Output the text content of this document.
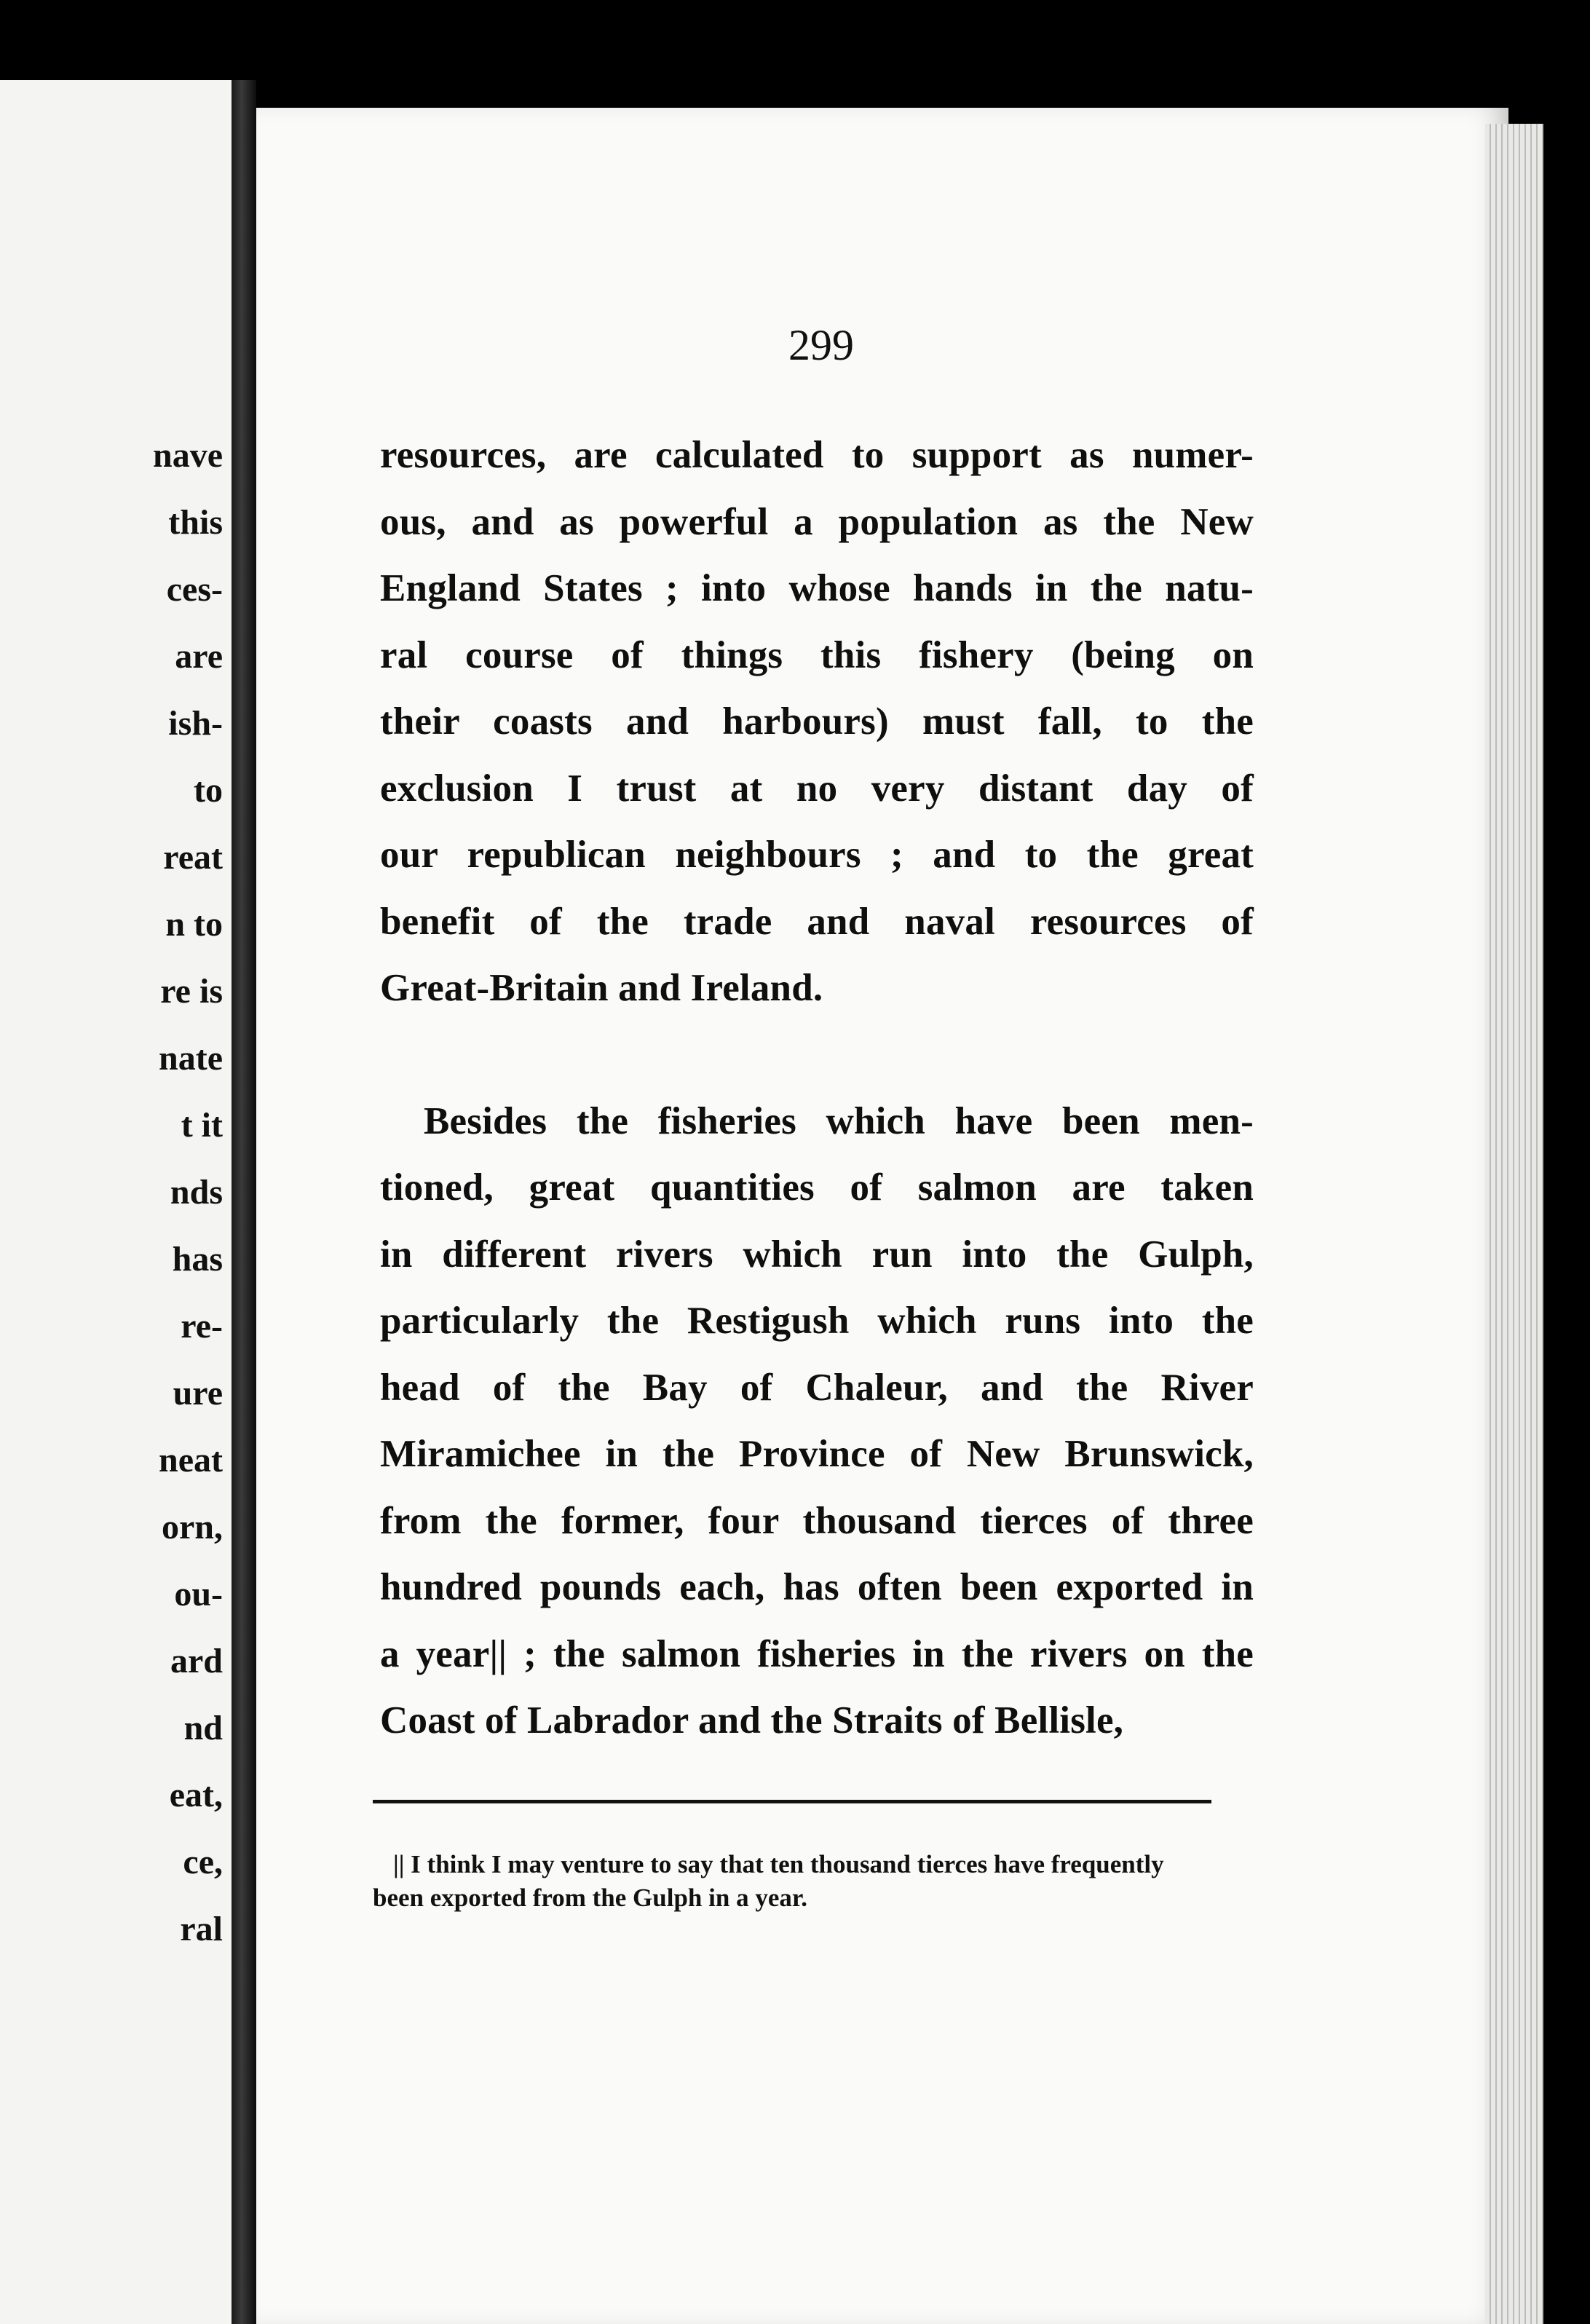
nave
this
ces-
are
ish-
to
reat
n to
re is
nate
t it
nds
has
re-
ure
neat
orn,
ou-
ard
nd
eat,
ce,
ral
299
resources, are calculated to support as numer-
ous, and as powerful a population as the New
England States ; into whose hands in the natu-
ral course of things this fishery (being on
their coasts and harbours) must fall, to the
exclusion I trust at no very distant day of
our republican neighbours ; and to the great
benefit of the trade and naval resources of
Great-Britain and Ireland.
Besides the fisheries which have been men-
tioned, great quantities of salmon are taken
in different rivers which run into the Gulph,
particularly the Restigush which runs into the
head of the Bay of Chaleur, and the River
Miramichee in the Province of New Brunswick,
from the former, four thousand tierces of three
hundred pounds each, has often been exported in
a year|| ; the salmon fisheries in the rivers on the
Coast of Labrador and the Straits of Bellisle,
|| I think I may venture to say that ten thousand tierces have frequently
been exported from the Gulph in a year.
